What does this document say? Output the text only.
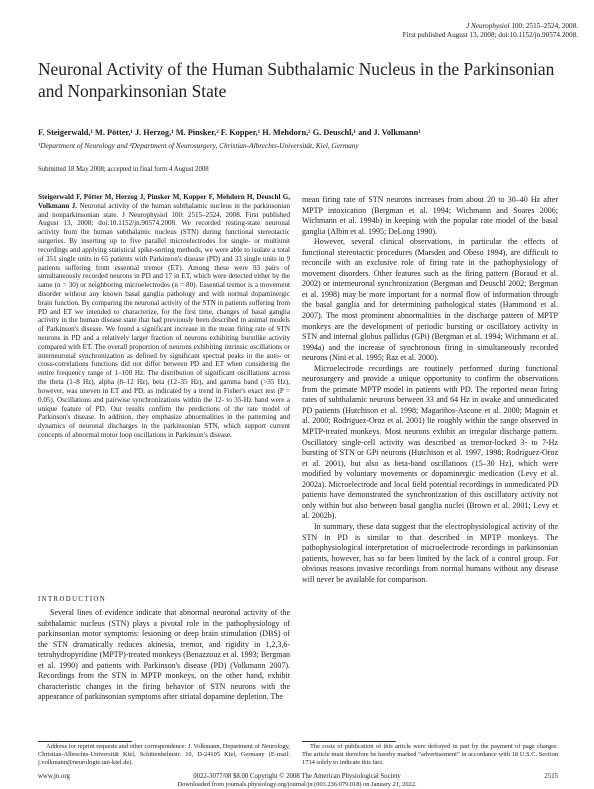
J Neurophysiol 100: 2515–2524, 2008.
First published August 13, 2008; doi:10.1152/jn.90574.2008.
Neuronal Activity of the Human Subthalamic Nucleus in the Parkinsonian and Nonparkinsonian State
F. Steigerwald,¹ M. Pötter,¹ J. Herzog,¹ M. Pinsker,² F. Kopper,¹ H. Mehdorn,² G. Deuschl,¹ and J. Volkmann¹
¹Department of Neurology and ²Department of Neurosurgery, Christian-Albrechts-Universität, Kiel, Germany
Submitted 18 May 2008; accepted in final form 4 August 2008
Steigerwald F, Pötter M, Herzog J, Pinsker M, Kopper F, Mehdorn H, Deuschl G, Volkmann J. Neuronal activity of the human subthalamic nucleus in the parkinsonian and nonparkinsonian state. J Neurophysiol 100: 2515–2524, 2008. First published August 13, 2008; doi:10.1152/jn.90574.2008. We recorded resting-state neuronal activity from the human subthalamic nucleus (STN) during functional stereotactic surgeries. By inserting up to five parallel microelectrodes for single- or multiunit recordings and applying statistical spike-sorting methods, we were able to isolate a total of 351 single units in 65 patients with Parkinson's disease (PD) and 33 single units in 9 patients suffering from essential tremor (ET). Among these were 93 pairs of simultaneously recorded neurons in PD and 17 in ET, which were detected either by the same (n = 30) or neighboring microelectrodes (n = 80). Essential tremor is a movement disorder without any known basal ganglia pathology and with normal dopaminergic brain function. By comparing the neuronal activity of the STN in patients suffering from PD and ET we intended to characterize, for the first time, changes of basal ganglia activity in the human disease state that had previously been described in animal models of Parkinson's disease. We found a significant increase in the mean firing rate of STN neurons in PD and a relatively larger fraction of neurons exhibiting burstlike activity compared with ET. The overall proportion of neurons exhibiting intrinsic oscillations or interneuronal synchronization as defined by significant spectral peaks in the auto- or cross-correlations functions did not differ between PD and ET when considering the entire frequency range of 1–100 Hz. The distribution of significant oscillations across the theta (1–8 Hz), alpha (8–12 Hz), beta (12–35 Hz), and gamma band (>35 Hz), however, was uneven in ET and PD, as indicated by a trend in Fisher's exact test (P = 0.05). Oscillations and pairwise synchronizations within the 12- to 35-Hz band were a unique feature of PD. Our results confirm the predictions of the rate model of Parkinson's disease. In addition, they emphasize abnormalities in the patterning and dynamics of neuronal discharges in the parkinsonian STN, which support current concepts of abnormal motor loop oscillations in Parkinson's disease.
INTRODUCTION
Several lines of evidence indicate that abnormal neuronal activity of the subthalamic nucleus (STN) plays a pivotal role in the pathophysiology of parkinsonian motor symptoms: lesioning or deep brain stimulation (DBS) of the STN dramatically reduces akinesia, tremor, and rigidity in 1,2,3,6-tetrahydropyridine (MPTP)-treated monkeys (Benazzouz et al. 1993; Bergman et al. 1990) and patients with Parkinson's disease (PD) (Volkmann 2007). Recordings from the STN in MPTP monkeys, on the other hand, exhibit characteristic changes in the firing behavior of STN neurons with the appearance of parkinsonian symptoms after striatal dopamine depletion. The

mean firing rate of STN neurons increases from about 20 to 30–40 Hz after MPTP intoxication (Bergman et al. 1994; Wichmann and Soares 2006; Wichmann et al. 1994b) in keeping with the popular rate model of the basal ganglia (Albin et al. 1995; DeLong 1990).

However, several clinical observations, in particular the effects of functional stereotactic procedures (Marsden and Obeso 1994), are difficult to reconcile with an exclusive role of firing rate in the pathophysiology of movement disorders. Other features such as the firing pattern (Boraud et al. 2002) or interneuronal synchronization (Bergman and Deuschl 2002; Bergman et al. 1998) may be more important for a normal flow of information through the basal ganglia and for determining pathological states (Hammond et al. 2007). The most prominent abnormalities in the discharge pattern of MPTP monkeys are the development of periodic bursting or oscillatory activity in STN and internal globus pallidus (GPi) (Bergman et al. 1994; Wichmann et al. 1994a) and the increase of synchronous firing in simultaneously recorded neurons (Nini et al. 1995; Raz et al. 2000).

Microelectrode recordings are routinely performed during functional neurosurgery and provide a unique opportunity to confirm the observations from the primate MPTP model in patients with PD. The reported mean firing rates of subthalamic neurons between 33 and 64 Hz in awake and unmedicated PD patients (Hutchison et al. 1998; Magariños-Ascone et al. 2000; Magnin et al. 2000; Rodriguez-Oroz et al. 2001) lie roughly within the range observed in MPTP-treated monkeys. Most neurons exhibit an irregular discharge pattern. Oscillatory single-cell activity was described as tremor-locked 3- to 7-Hz bursting of STN or GPi neurons (Hutchison et al. 1997, 1998; Rodriguez-Oroz et al. 2001), but also as beta-band oscillations (15–30 Hz), which were modified by voluntary movements or dopaminergic medication (Levy et al. 2002a). Microelectrode and local field potential recordings in unmedicated PD patients have demonstrated the synchronization of this oscillatory activity not only within but also between basal ganglia nuclei (Brown et al. 2001; Levy et al. 2002b).

In summary, these data suggest that the electrophysiological activity of the STN in PD is similar to that described in MPTP monkeys. The pathophysiological interpretation of microelectrode recordings in parkinsonian patients, however, has so far been limited by the lack of a control group. For obvious reasons invasive recordings from normal humans without any disease will never be available for comparison.

Address for reprint requests and other correspondence: J. Volkmann, Department of Neurology, Christian-Albrechts-Universität Kiel, Schittenhelmstr. 10, D-24105 Kiel, Germany (E-mail: j.volkmann@neurologie.uni-kiel.de).
The costs of publication of this article were defrayed in part by the payment of page charges. The article must therefore be hereby marked “advertisement” in accordance with 18 U.S.C. Section 1734 solely to indicate this fact.
www.jn.org	0022-3077/08 $8.00 Copyright © 2008 The American Physiological Society	2515
Downloaded from journals.physiology.org/journal/jn (003.236.079.018) on January 21, 2022.
